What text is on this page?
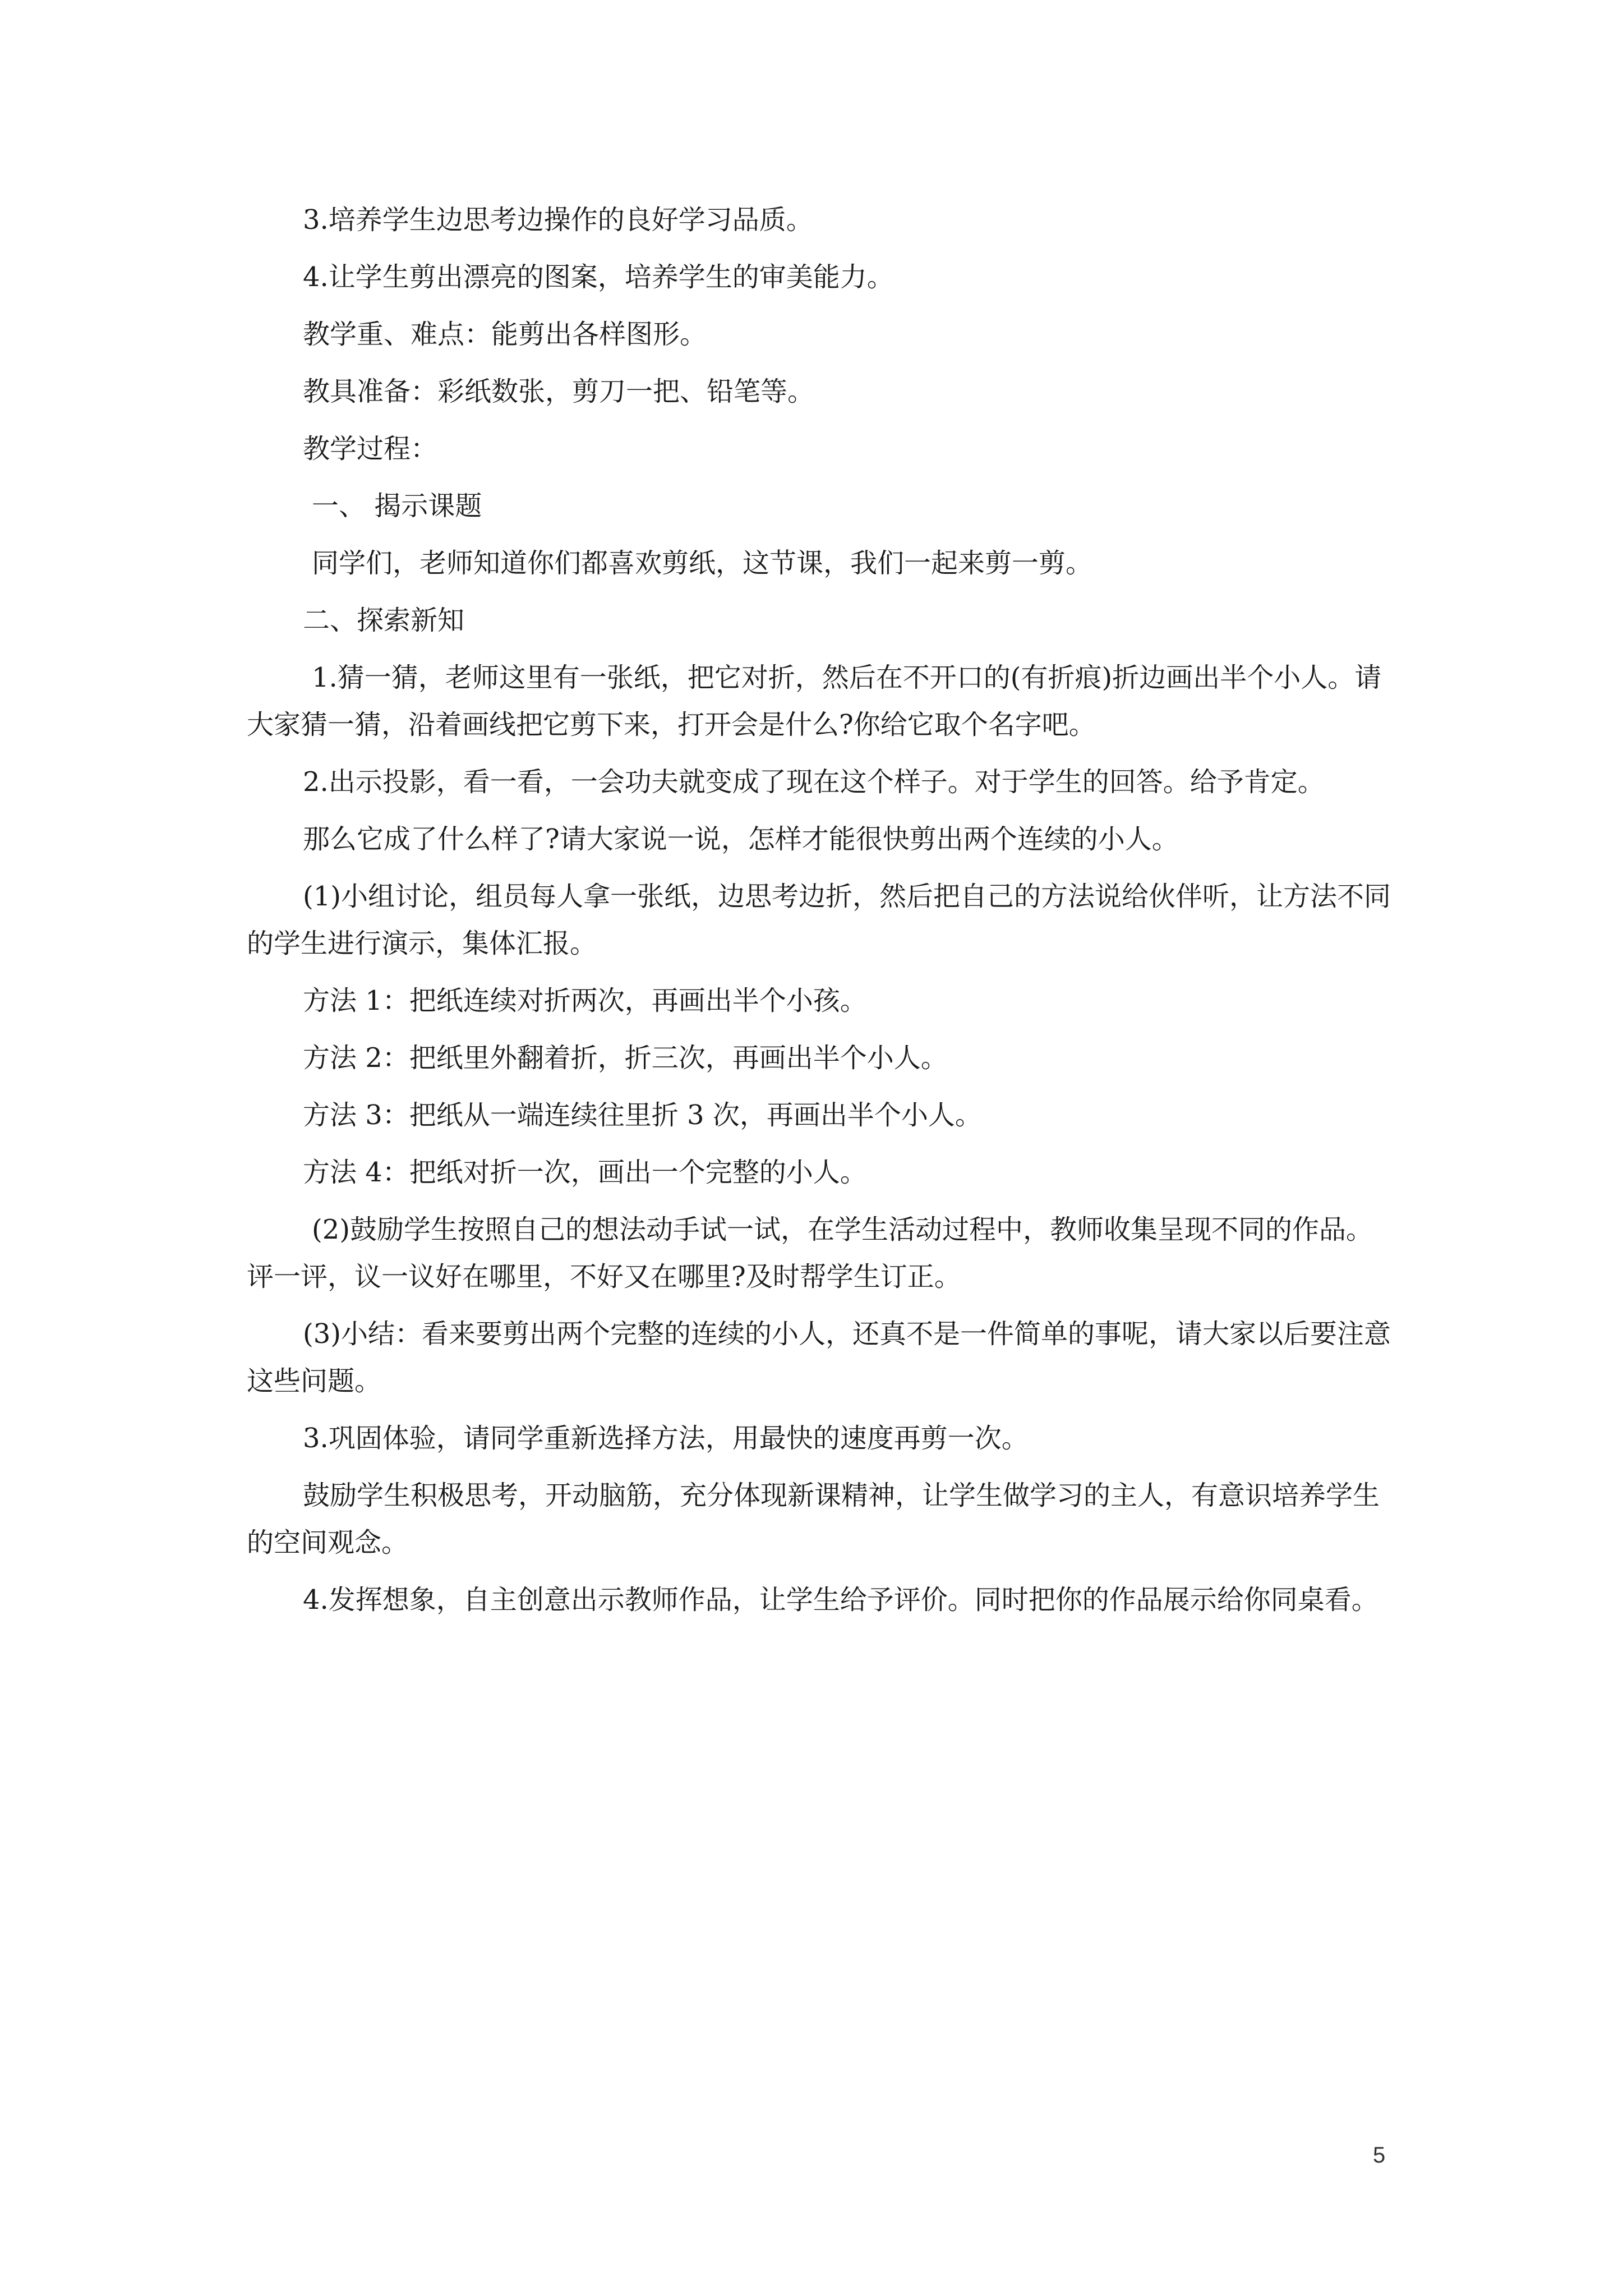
3.培养学生边思考边操作的良好学习品质。

4.让学生剪出漂亮的图案，培养学生的审美能力。

教学重、难点：能剪出各样图形。

教具准备：彩纸数张，剪刀一把、铅笔等。

教学过程：

一、 揭示课题

同学们，老师知道你们都喜欢剪纸，这节课，我们一起来剪一剪。

二、探索新知

1.猜一猜，老师这里有一张纸，把它对折，然后在不开口的(有折痕)折边画出半个小人。请大家猜一猜，沿着画线把它剪下来，打开会是什么?你给它取个名字吧。

2.出示投影，看一看，一会功夫就变成了现在这个样子。对于学生的回答。给予肯定。

那么它成了什么样了?请大家说一说，怎样才能很快剪出两个连续的小人。

(1)小组讨论，组员每人拿一张纸，边思考边折，然后把自己的方法说给伙伴听，让方法不同的学生进行演示，集体汇报。

方法 1：把纸连续对折两次，再画出半个小孩。

方法 2：把纸里外翻着折，折三次，再画出半个小人。

方法 3：把纸从一端连续往里折 3 次，再画出半个小人。

方法 4：把纸对折一次，画出一个完整的小人。

(2)鼓励学生按照自己的想法动手试一试，在学生活动过程中，教师收集呈现不同的作品。评一评，议一议好在哪里，不好又在哪里?及时帮学生订正。

(3)小结：看来要剪出两个完整的连续的小人，还真不是一件简单的事呢，请大家以后要注意这些问题。

3.巩固体验，请同学重新选择方法，用最快的速度再剪一次。

鼓励学生积极思考，开动脑筋，充分体现新课精神，让学生做学习的主人，有意识培养学生的空间观念。

4.发挥想象，自主创意出示教师作品，让学生给予评价。同时把你的作品展示给你同桌看。

5
